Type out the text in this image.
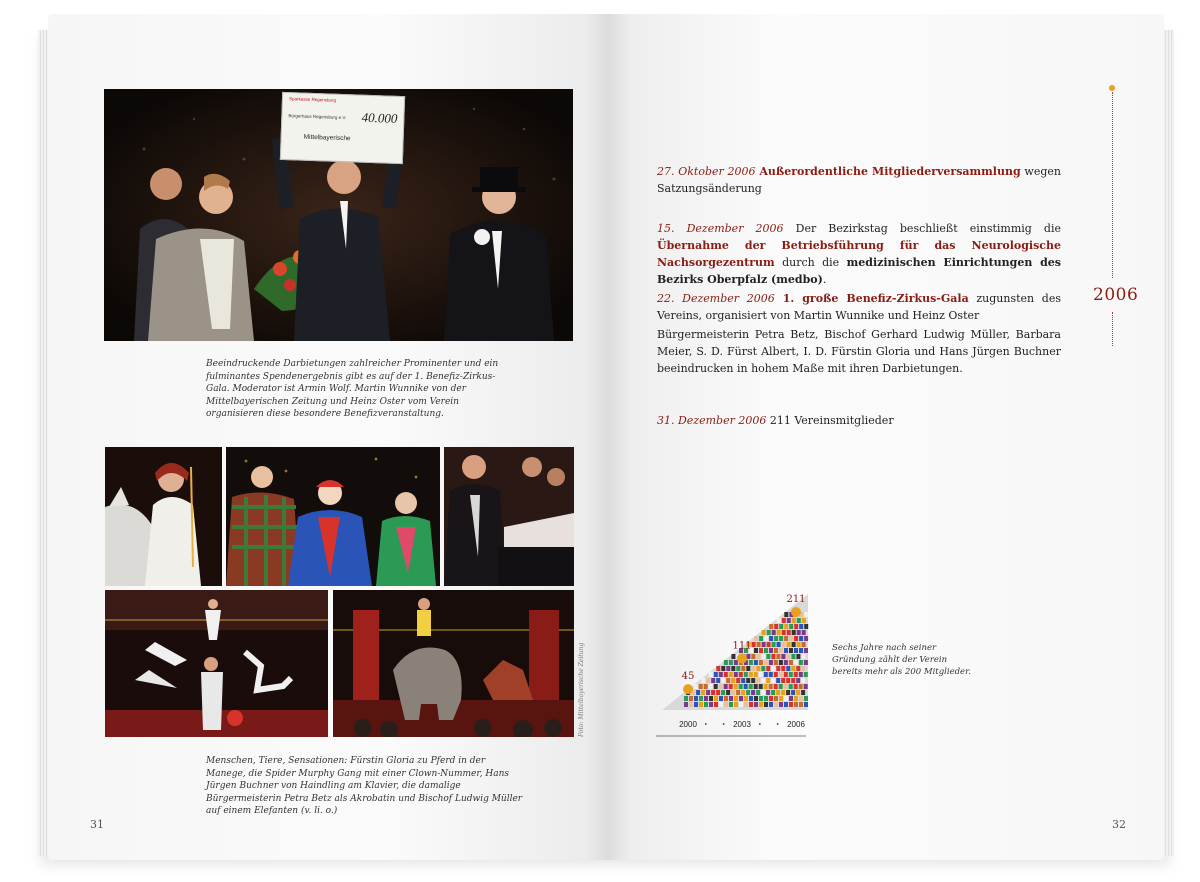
Sparkasse Regensburg
Bürgerhaus Regensburg e.V.	40.000
Mittelbayerische
Beeindruckende Darbietungen zahlreicher Prominenter und ein fulminantes Spendenergebnis gibt es auf der 1. Benefiz-Zirkus-Gala. Moderator ist Armin Wolf. Martin Wunnike von der Mittelbayerischen Zeitung und Heinz Oster vom Verein organisieren diese besondere Benefizveranstaltung.
Foto: Mittelbayerische Zeitung
Menschen, Tiere, Sensationen: Fürstin Gloria zu Pferd in der Manege, die Spider Murphy Gang mit einer Clown-Nummer, Hans Jürgen Buchner von Haindling am Klavier, die damalige Bürgermeisterin Petra Betz als Akrobatin und Bischof Ludwig Müller auf einem Elefanten (v. li. o.)
31
2006
27. Oktober 2006 Außerordentliche Mitgliederversammlung wegen Satzungsänderung
15. Dezember 2006 Der Bezirkstag beschließt einstimmig die Übernahme der Betriebsführung für das Neurologische Nachsorgezentrum durch die medizinischen Einrichtungen des Bezirks Oberpfalz (medbo).
22. Dezember 2006 1. große Benefiz-Zirkus-Gala zugunsten des Vereins, organisiert von Martin Wunnike und Heinz Oster
Bürgermeisterin Petra Betz, Bischof Gerhard Ludwig Müller, Barbara Meier, S. D. Fürst Albert, I. D. Fürstin Gloria und Hans Jürgen Buchner beeindrucken in hohem Maße mit ihren Darbietungen.
31. Dezember 2006 211 Vereinsmitglieder
45
111
211
2000	2003	2006
Sechs Jahre nach seiner Gründung zählt der Verein bereits mehr als 200 Mitglieder.
32
